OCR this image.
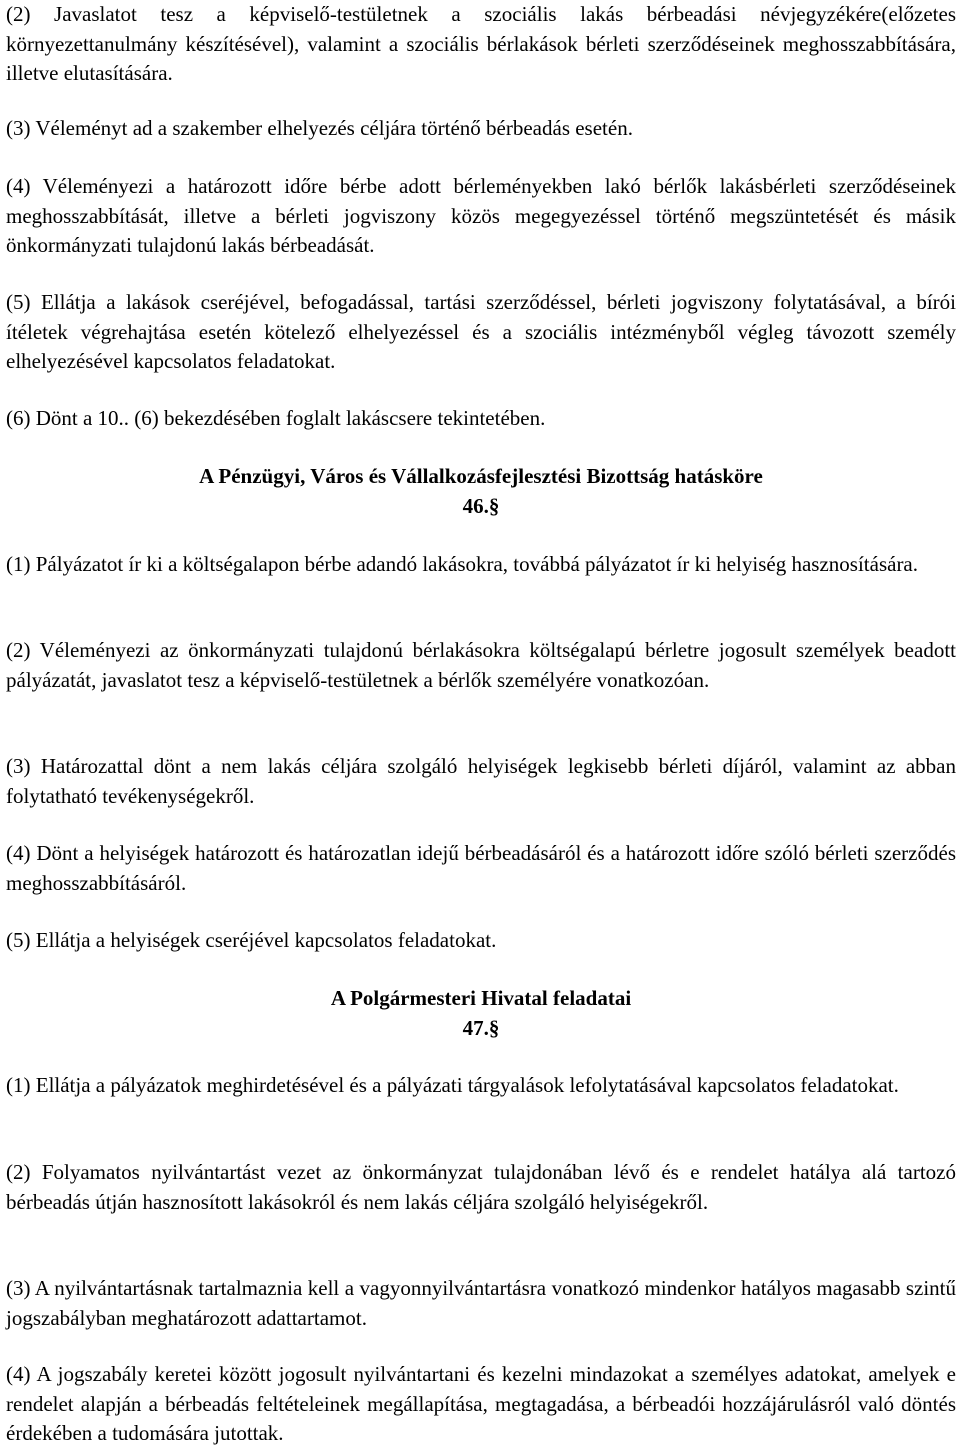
(2) Javaslatot tesz a képviselő-testületnek a szociális lakás bérbeadási névjegyzékére(előzetes környezettanulmány készítésével), valamint a szociális bérlakások bérleti szerződéseinek meghosszabbítására, illetve elutasítására.

(3) Véleményt ad a szakember elhelyezés céljára történő bérbeadás esetén.

(4) Véleményezi a határozott időre bérbe adott bérleményekben lakó bérlők lakásbérleti szerződéseinek meghosszabbítását, illetve a bérleti jogviszony közös megegyezéssel történő megszüntetését és másik önkormányzati tulajdonú lakás bérbeadását.

(5) Ellátja a lakások cseréjével, befogadással, tartási szerződéssel, bérleti jogviszony folytatásával, a bírói ítéletek végrehajtása esetén kötelező elhelyezéssel és a szociális intézményből végleg távozott személy elhelyezésével kapcsolatos feladatokat.

(6) Dönt a 10.. (6) bekezdésében foglalt lakáscsere tekintetében.

A Pénzügyi, Város és Vállalkozásfejlesztési Bizottság hatásköre

46.§

(1) Pályázatot ír ki a költségalapon bérbe adandó lakásokra, továbbá pályázatot ír ki helyiség hasznosítására.

(2) Véleményezi az önkormányzati tulajdonú bérlakásokra költségalapú bérletre jogosult személyek beadott pályázatát, javaslatot tesz a képviselő-testületnek a bérlők személyére vonatkozóan.

(3) Határozattal dönt a nem lakás céljára szolgáló helyiségek legkisebb bérleti díjáról, valamint az abban folytatható tevékenységekről.

(4) Dönt a helyiségek határozott és határozatlan idejű bérbeadásáról és a határozott időre szóló bérleti szerződés meghosszabbításáról.

(5) Ellátja a helyiségek cseréjével kapcsolatos feladatokat.

A Polgármesteri Hivatal feladatai

47.§

(1) Ellátja a pályázatok meghirdetésével és a pályázati tárgyalások lefolytatásával kapcsolatos feladatokat.

(2) Folyamatos nyilvántartást vezet az önkormányzat tulajdonában lévő és e rendelet hatálya alá tartozó bérbeadás útján hasznosított lakásokról és nem lakás céljára szolgáló helyiségekről.

(3) A nyilvántartásnak tartalmaznia kell a vagyonnyilvántartásra vonatkozó mindenkor hatályos magasabb szintű jogszabályban meghatározott adattartamot.

(4) A jogszabály keretei között jogosult nyilvántartani és kezelni mindazokat a személyes adatokat, amelyek e rendelet alapján a bérbeadás feltételeinek megállapítása, megtagadása, a bérbeadói hozzájárulásról való döntés érdekében a tudomására jutottak.
